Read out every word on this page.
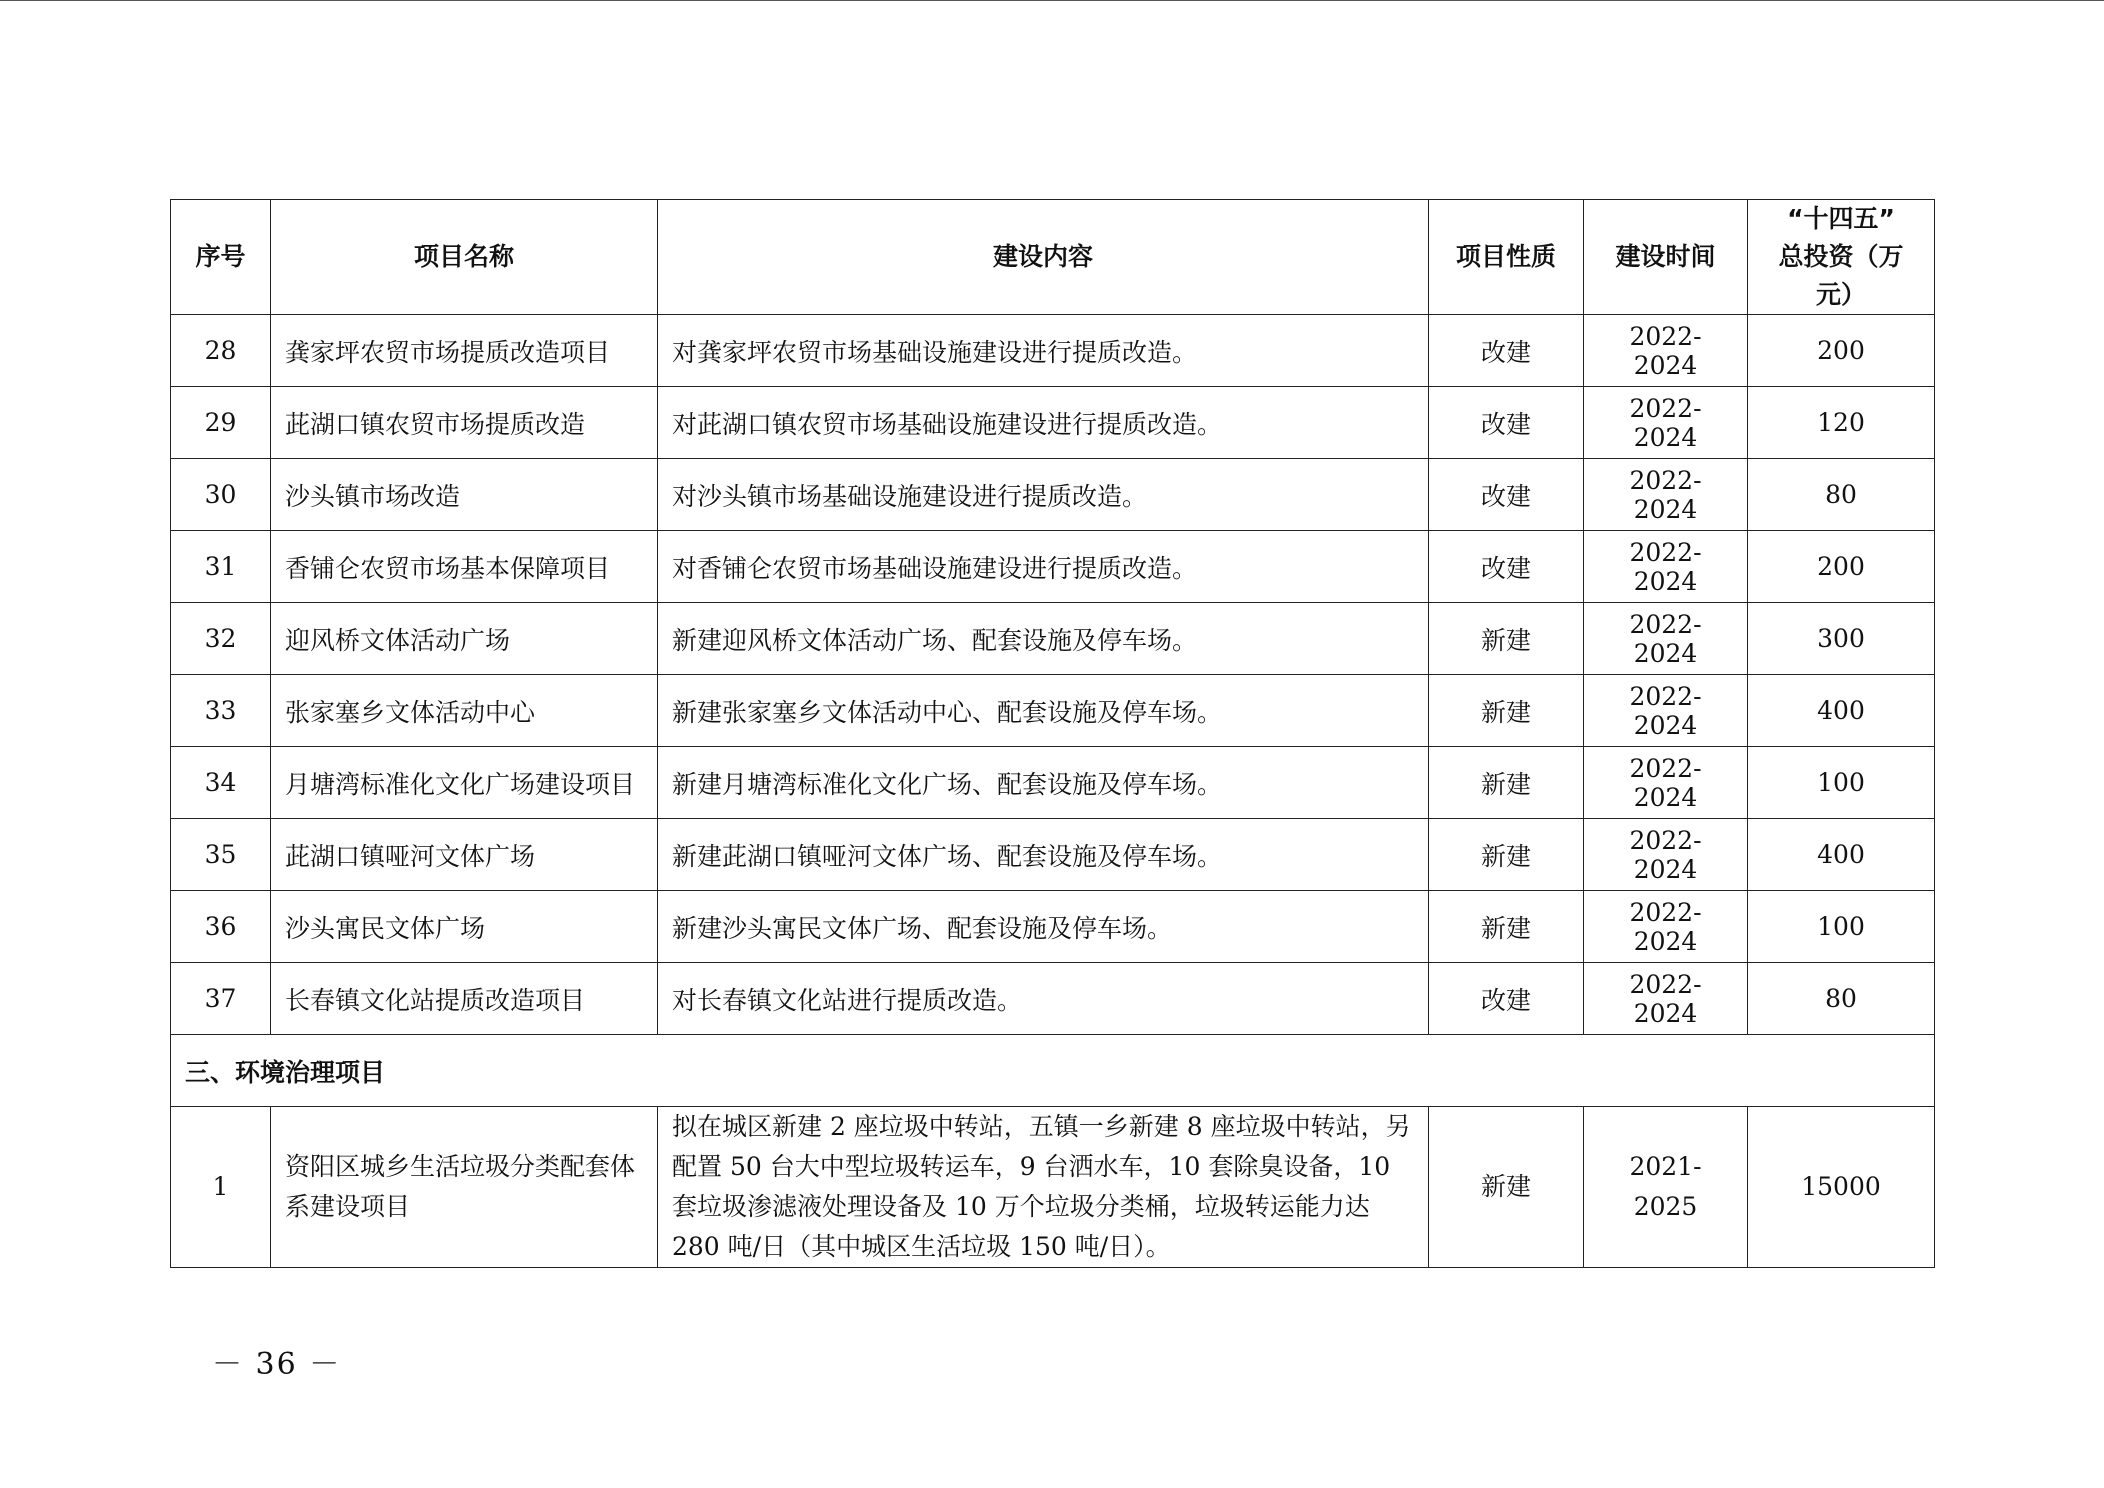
序号	项目名称	建设内容	项目性质	建设时间	“十四五”
总投资（万元）

28	龚家坪农贸市场提质改造项目	对龚家坪农贸市场基础设施建设进行提质改造。	改建	2022-2024	200
29	茈湖口镇农贸市场提质改造	对茈湖口镇农贸市场基础设施建设进行提质改造。	改建	2022-2024	120
30	沙头镇市场改造	对沙头镇市场基础设施建设进行提质改造。	改建	2022-2024	80
31	香铺仑农贸市场基本保障项目	对香铺仑农贸市场基础设施建设进行提质改造。	改建	2022-2024	200
32	迎风桥文体活动广场	新建迎风桥文体活动广场、配套设施及停车场。	新建	2022-2024	300
33	张家塞乡文体活动中心	新建张家塞乡文体活动中心、配套设施及停车场。	新建	2022-2024	400
34	月塘湾标准化文化广场建设项目	新建月塘湾标准化文化广场、配套设施及停车场。	新建	2022-2024	100
35	茈湖口镇哑河文体广场	新建茈湖口镇哑河文体广场、配套设施及停车场。	新建	2022-2024	400
36	沙头寓民文体广场	新建沙头寓民文体广场、配套设施及停车场。	新建	2022-2024	100
37	长春镇文化站提质改造项目	对长春镇文化站进行提质改造。	改建	2022-2024	80
三、环境治理项目					
1	资阳区城乡生活垃圾分类配套体系建设项目	拟在城区新建 2 座垃圾中转站，五镇一乡新建 8 座垃圾中转站，另配置 50 台大中型垃圾转运车，9 台洒水车，10 套除臭设备，10 套垃圾渗滤液处理设备及 10 万个垃圾分类桶，垃圾转运能力达 280 吨/日（其中城区生活垃圾 150 吨/日）。	新建	2021-2025	15000
－ 36 －
